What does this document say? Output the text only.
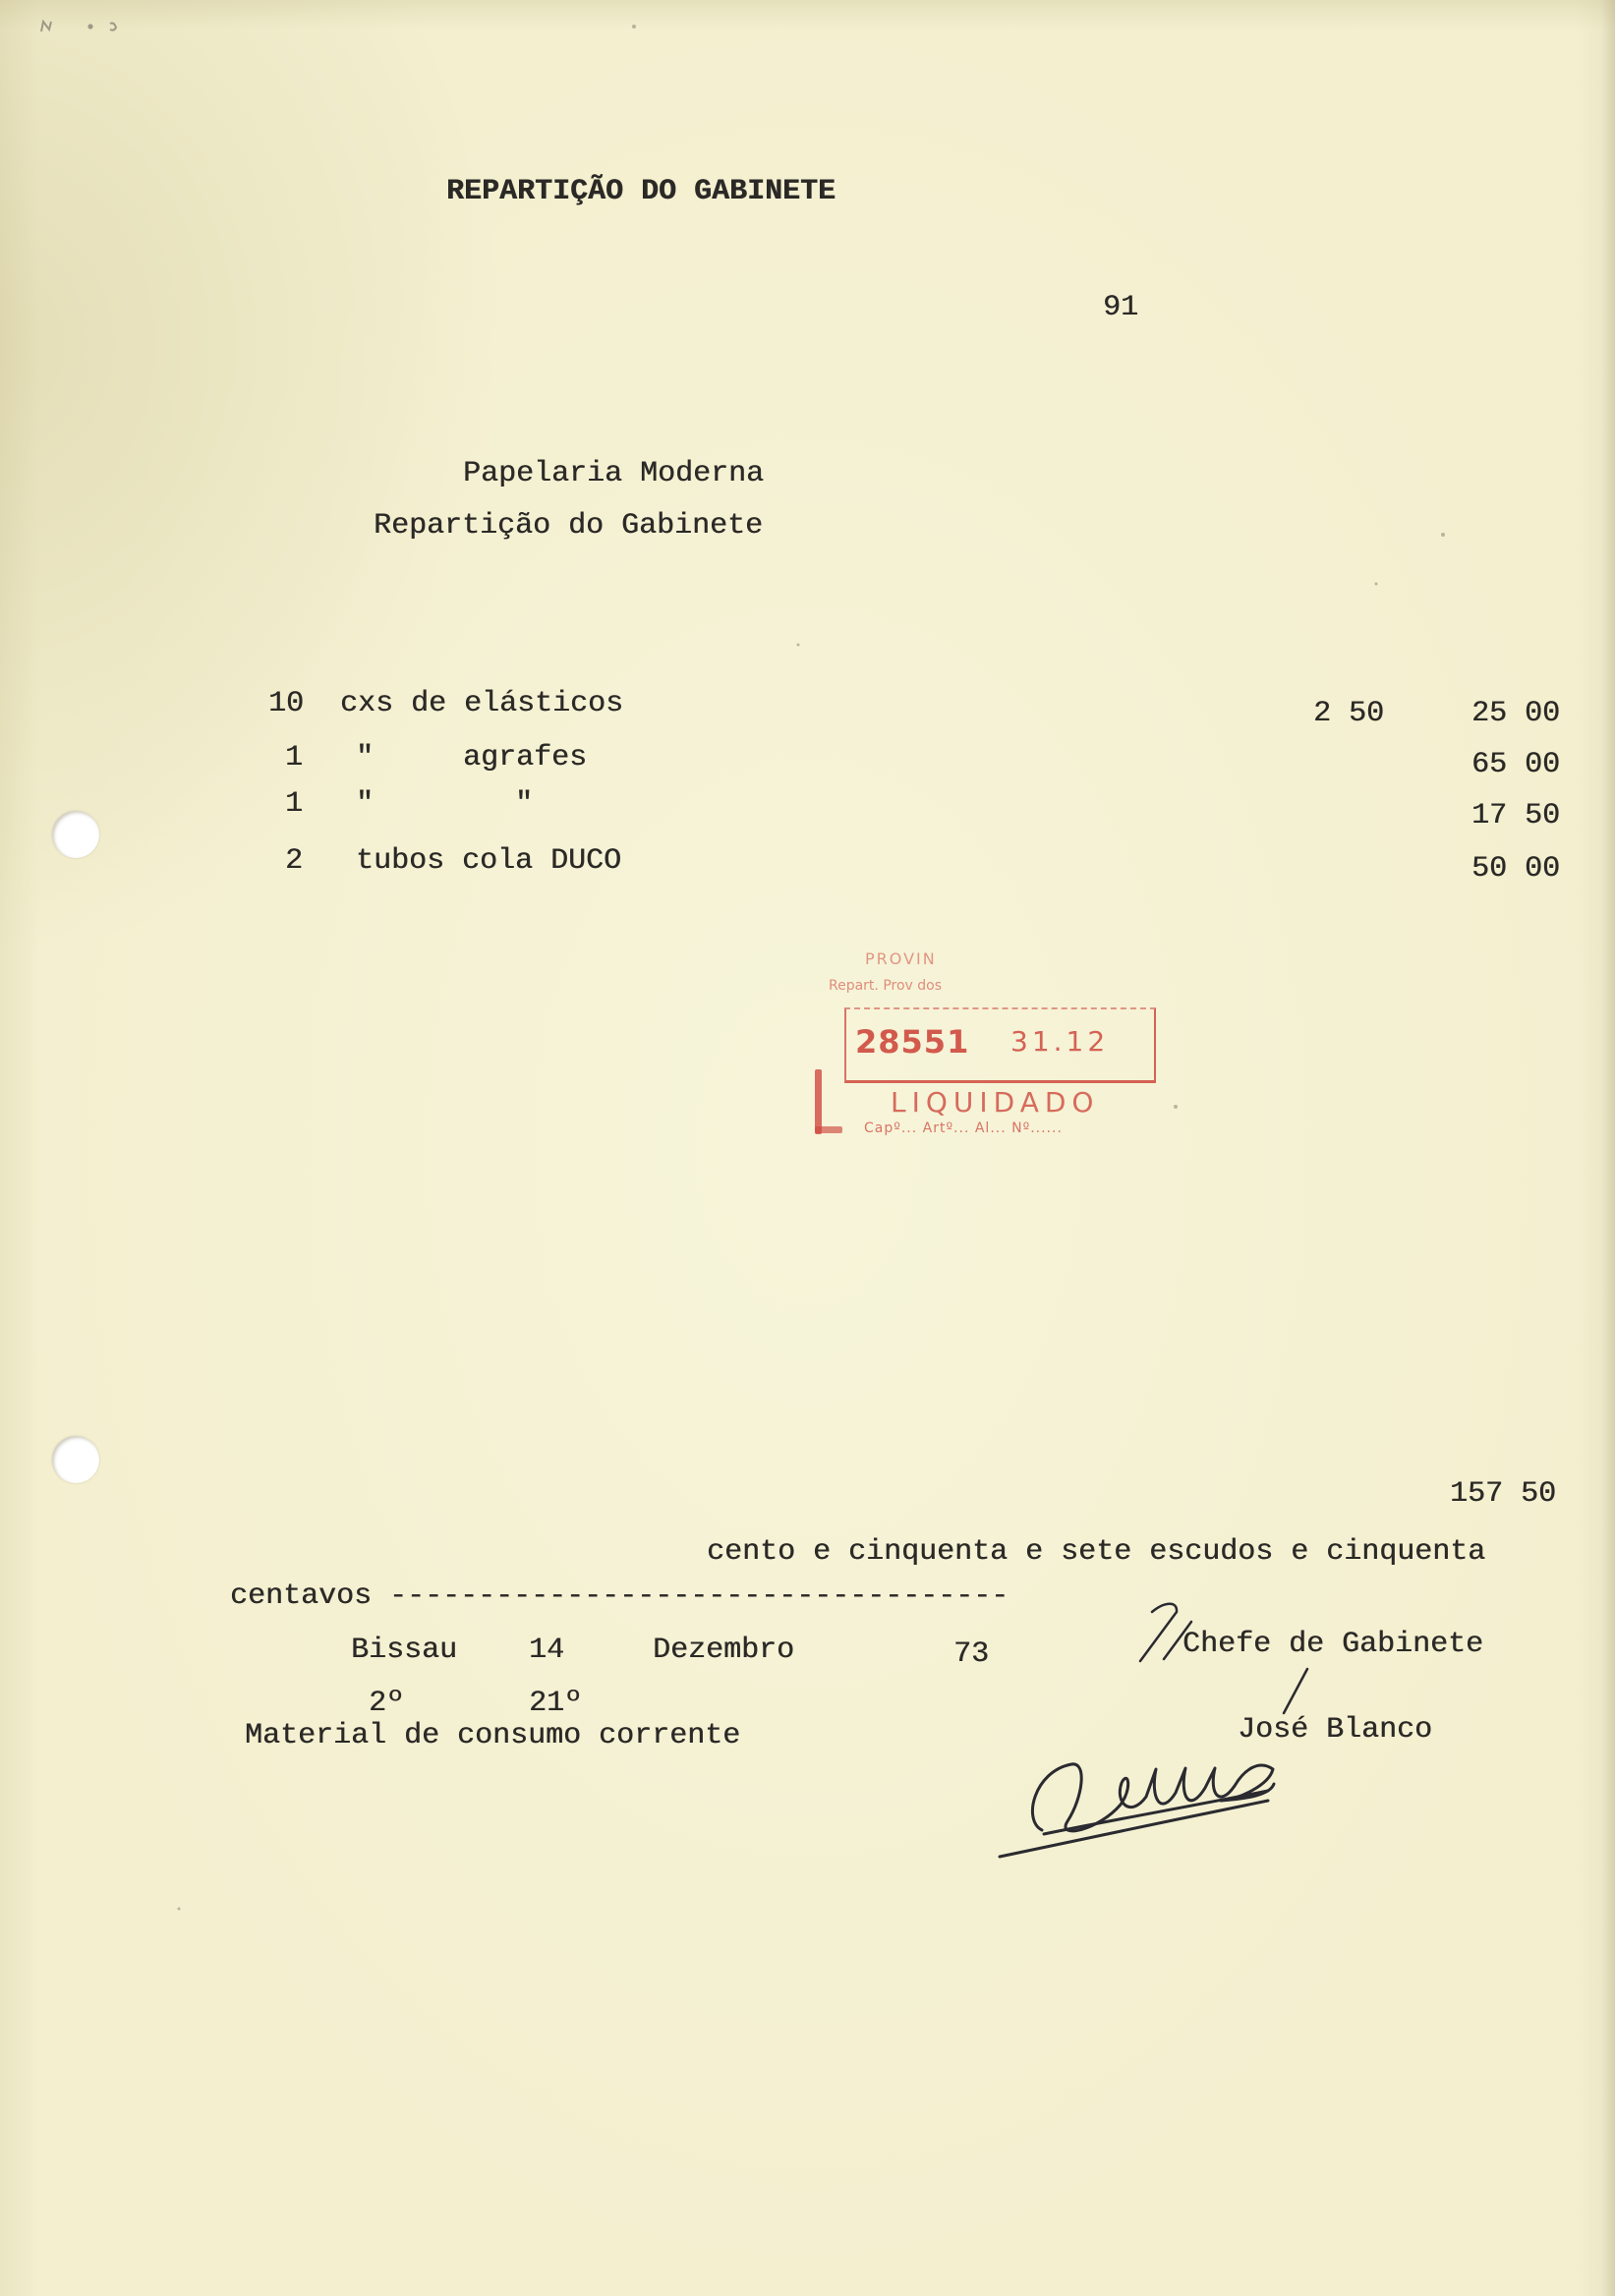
REPARTIÇÃO DO GABINETE
91
Papelaria Moderna
Repartição do Gabinete
10 cxs de elásticos	2 50	25 00
1 "	agrafes	65 00
1 "	"	17 50
2 tubos cola DUCO	50 00
PROVIN
Repart. Prov dos
28551 31.12
LIQUIDADO
Capº... Artº... Al... Nº......
157 50
cento e cinquenta e sete escudos e cinquenta
centavos -----------------------------------
Bissau 14	Dezembro	73	Chefe de Gabinete
José Blanco
2º	21º
Material de consumo corrente
